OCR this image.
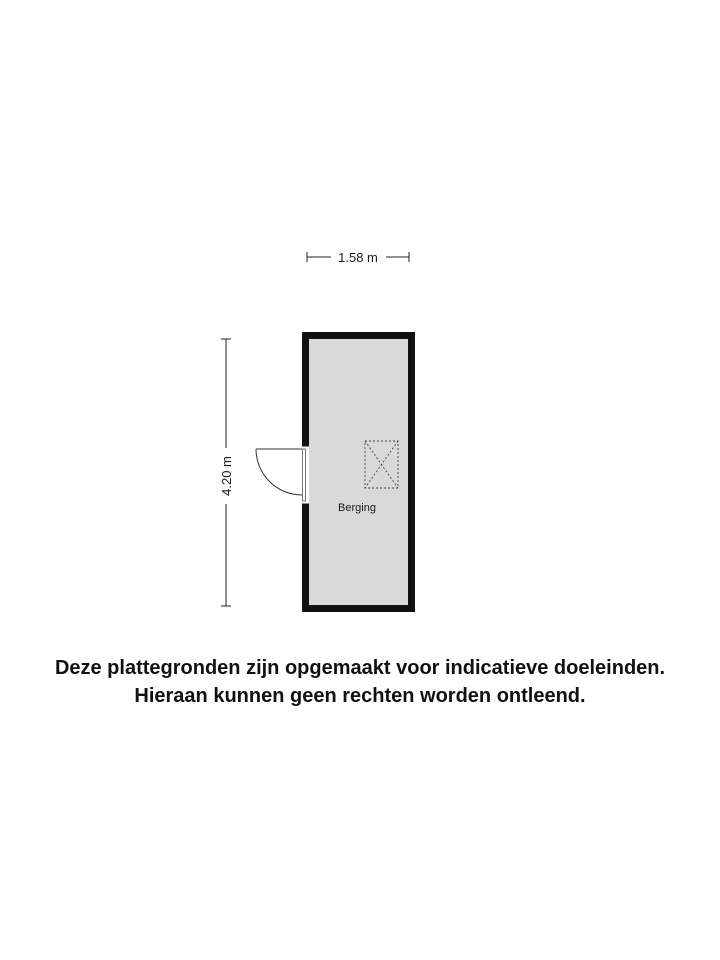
1.58 m
4.20 m
Berging
Deze plattegronden zijn opgemaakt voor indicatieve doeleinden.
Hieraan kunnen geen rechten worden ontleend.
